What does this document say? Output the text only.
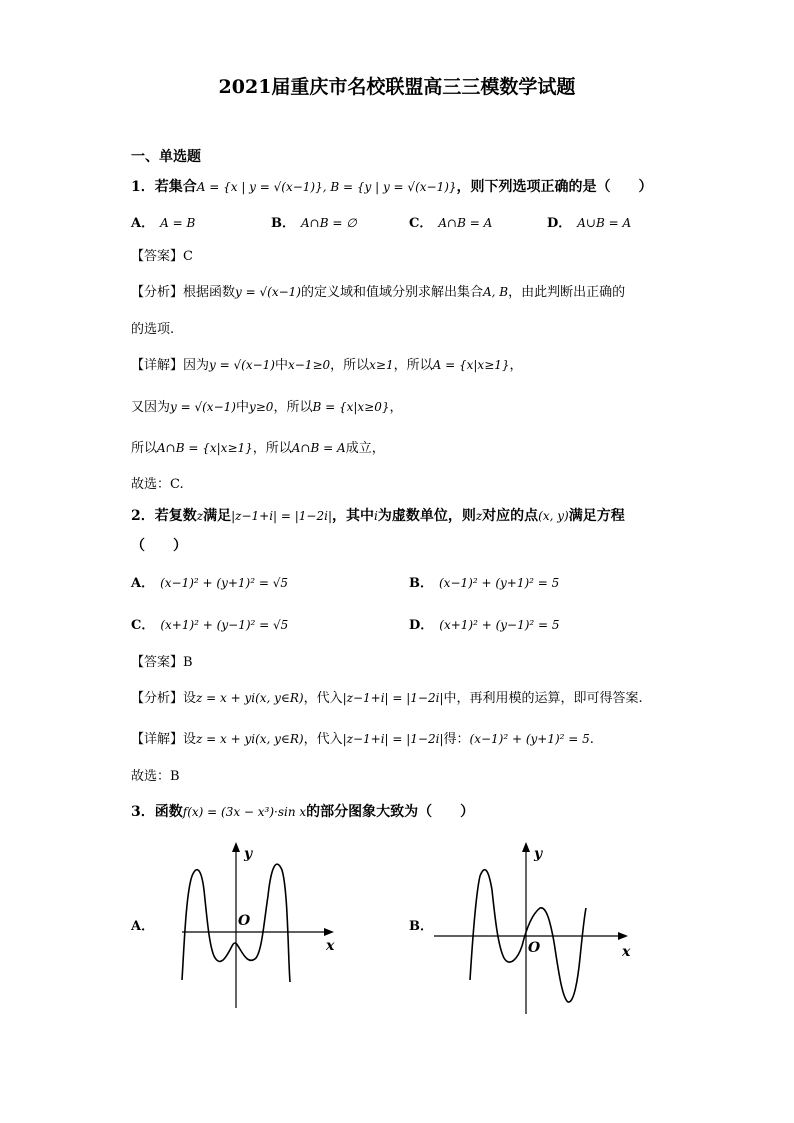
2021届重庆市名校联盟高三三模数学试题
一、单选题
1．若集合A = {x | y = √(x−1)}, B = {y | y = √(x−1)}，则下列选项正确的是（　　）
A． A = B	B． A∩B = ∅	C． A∩B = A	D． A∪B = A
【答案】C
【分析】根据函数y = √(x−1)的定义域和值域分别求解出集合A, B，由此判断出正确的
的选项.
【详解】因为y = √(x−1)中x−1≥0，所以x≥1，所以A = {x|x≥1}，
又因为y = √(x−1)中y≥0，所以B = {x|x≥0}，
所以A∩B = {x|x≥1}，所以A∩B = A成立，
故选：C.
2．若复数z满足|z−1+i| = |1−2i|，其中i为虚数单位，则z对应的点(x, y)满足方程
（　　）
A． (x−1)² + (y+1)² = √5	B． (x−1)² + (y+1)² = 5
C． (x+1)² + (y−1)² = √5	D． (x+1)² + (y−1)² = 5
【答案】B
【分析】设z = x + yi(x, y∈R)，代入|z−1+i| = |1−2i|中，再利用模的运算，即可得答案.
【详解】设z = x + yi(x, y∈R)，代入|z−1+i| = |1−2i|得：(x−1)² + (y+1)² = 5.
故选：B
3．函数f(x) = (3x − x³)·sin x的部分图象大致为（　　）
A．	B．
y
O
x
y
O	x
